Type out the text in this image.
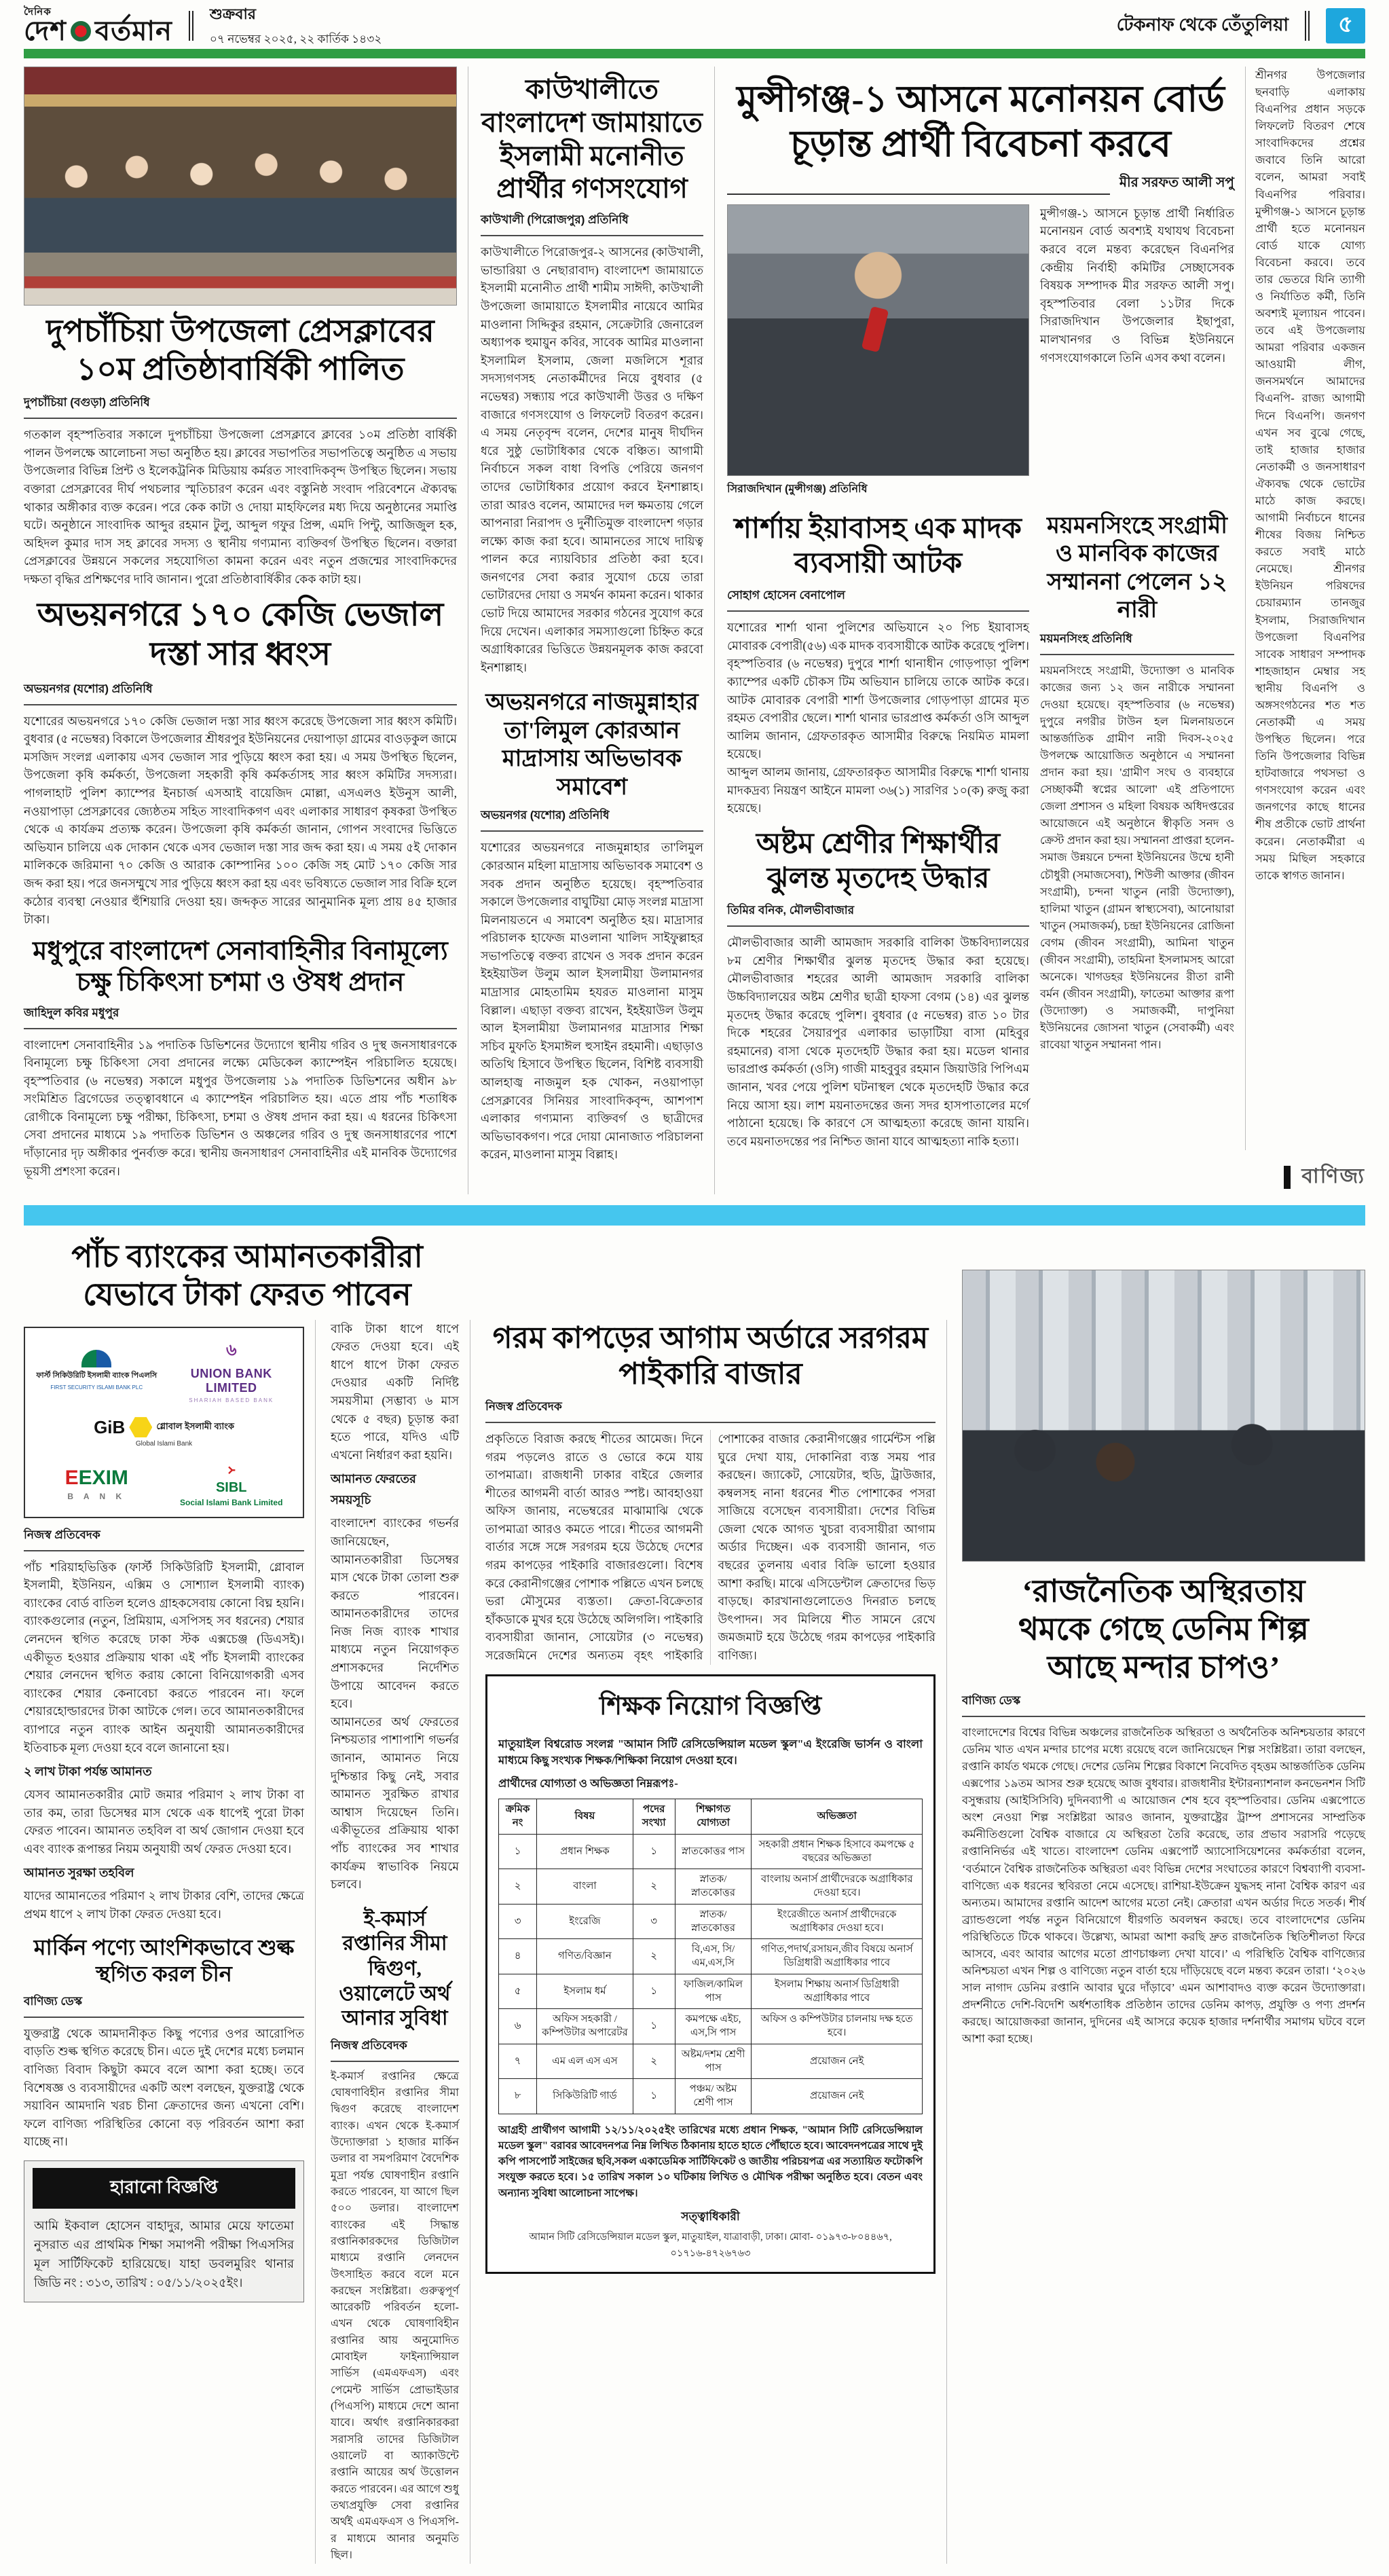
দৈনিক
দেশ বর্তমান
শুক্রবার
০৭ নভেম্বর ২০২৫, ২২ কার্তিক ১৪৩২
টেকনাফ থেকে তেঁতুলিয়া	৫
দুপচাঁচিয়া উপজেলা প্রেসক্লাবের ১০ম প্রতিষ্ঠাবার্ষিকী পালিত
দুপচাঁচিয়া (বগুড়া) প্রতিনিধি

গতকাল বৃহস্পতিবার সকালে দুপচাঁচিয়া উপজেলা প্রেসক্লাবে ক্লাবের ১০ম প্রতিষ্ঠা বার্ষিকী পালন উপলক্ষে আলোচনা সভা অনুষ্ঠিত হয়। ক্লাবের সভাপতির সভাপতিত্বে অনুষ্ঠিত এ সভায় উপজেলার বিভিন্ন প্রিন্ট ও ইলেকট্রনিক মিডিয়ায় কর্মরত সাংবাদিকবৃন্দ উপস্থিত ছিলেন। সভায় বক্তারা প্রেসক্লাবের দীর্ঘ পথচলার স্মৃতিচারণ করেন এবং বস্তুনিষ্ঠ সংবাদ পরিবেশনে ঐক্যবদ্ধ থাকার অঙ্গীকার ব্যক্ত করেন। পরে কেক কাটা ও দোয়া মাহফিলের মধ্য দিয়ে অনুষ্ঠানের সমাপ্তি ঘটে। অনুষ্ঠানে সাংবাদিক আব্দুর রহমান টুলু, আব্দুল গফুর প্রিন্স, এমদি পিন্টু, আজিজুল হক, অহিদল কুমার দাস সহ ক্লাবের সদস্য ও স্থানীয় গণ্যমান্য ব্যক্তিবর্গ উপস্থিত ছিলেন। বক্তারা প্রেসক্লাবের উন্নয়নে সকলের সহযোগিতা কামনা করেন এবং নতুন প্রজন্মের সাংবাদিকদের দক্ষতা বৃদ্ধির প্রশিক্ষণের দাবি জানান। পুরো প্রতিষ্ঠাবার্ষিকীর কেক কাটা হয়।

অভয়নগরে ১৭০ কেজি ভেজাল দস্তা সার ধ্বংস
অভয়নগর (যশোর) প্রতিনিধি

যশোরের অভয়নগরে ১৭০ কেজি ভেজাল দস্তা সার ধ্বংস করেছে উপজেলা সার ধ্বংস কমিটি। বুধবার (৫ নভেম্বর) বিকালে উপজেলার শ্রীধরপুর ইউনিয়নের দেয়াপাড়া গ্রামের বাওড়কুল জামে মসজিদ সংলগ্ন এলাকায় এসব ভেজাল সার পুড়িয়ে ধ্বংস করা হয়। এ সময় উপস্থিত ছিলেন, উপজেলা কৃষি কর্মকর্তা, উপজেলা সহকারী কৃষি কর্মকর্তাসহ সার ধ্বংস কমিটির সদস্যরা। পাগলাহাট পুলিশ ক্যাম্পের ইনচার্জ এসআই বায়েজিদ মোল্লা, এসএলও ইউনুস আলী, নওয়াপাড়া প্রেসক্লাবের জ্যেষ্ঠতম সহিত সাংবাদিকগণ এবং এলাকার সাধারণ কৃষকরা উপস্থিত থেকে এ কার্যক্রম প্রত্যক্ষ করেন। উপজেলা কৃষি কর্মকর্তা জানান, গোপন সংবাদের ভিত্তিতে অভিযান চালিয়ে এক দোকান থেকে এসব ভেজাল দস্তা সার জব্দ করা হয়। এ সময় ৫ই দোকান মালিককে জরিমানা ৭০ কেজি ও আরাক কোম্পানির ১০০ কেজি সহ মোট ১৭০ কেজি সার জব্দ করা হয়। পরে জনসম্মুখে সার পুড়িয়ে ধ্বংস করা হয় এবং ভবিষ্যতে ভেজাল সার বিক্রি হলে কঠোর ব্যবস্থা নেওয়ার হুঁশিয়ারি দেওয়া হয়। জব্দকৃত সারের আনুমানিক মূল্য প্রায় ৪৫ হাজার টাকা।

মধুপুরে বাংলাদেশ সেনাবাহিনীর বিনামূল্যে চক্ষু চিকিৎসা চশমা ও ঔষধ প্রদান
জাহিদুল কবির মধুপুর

বাংলাদেশ সেনাবাহিনীর ১৯ পদাতিক ডিভিশনের উদ্যোগে স্থানীয় গরিব ও দুস্থ জনসাধারণকে বিনামূল্যে চক্ষু চিকিৎসা সেবা প্রদানের লক্ষ্যে মেডিকেল ক্যাম্পেইন পরিচালিত হয়েছে। বৃহস্পতিবার (৬ নভেম্বর) সকালে মধুপুর উপজেলায় ১৯ পদাতিক ডিভিশনের অধীন ৯৮ সংমিশ্রিত ব্রিগেডের তত্ত্বাবধানে এ ক্যাম্পেইন পরিচালিত হয়। এতে প্রায় পাঁচ শতাধিক রোগীকে বিনামূল্যে চক্ষু পরীক্ষা, চিকিৎসা, চশমা ও ঔষধ প্রদান করা হয়। এ ধরনের চিকিৎসা সেবা প্রদানের মাধ্যমে ১৯ পদাতিক ডিভিশন ও অঞ্চলের গরিব ও দুস্থ জনসাধারণের পাশে দাঁড়ানোর দৃঢ় অঙ্গীকার পুনর্ব্যক্ত করে। স্থানীয় জনসাধারণ সেনাবাহিনীর এই মানবিক উদ্যোগের ভূয়সী প্রশংসা করেন।

কাউখালীতে বাংলাদেশ জামায়াতে ইসলামী মনোনীত প্রার্থীর গণসংযোগ
কাউখালী (পিরোজপুর) প্রতিনিধি

কাউখালীতে পিরোজপুর-২ আসনের (কাউখালী, ভান্ডারিয়া ও নেছারাবাদ) বাংলাদেশ জামায়াতে ইসলামী মনোনীত প্রার্থী শামীম সাঈদী, কাউখালী উপজেলা জামায়াতে ইসলামীর নায়েবে আমির মাওলানা সিদ্দিকুর রহমান, সেক্রেটারি জেনারেল অধ্যাপক হুমায়ুন কবির, সাবেক আমির মাওলানা ইসলামিল ইসলাম, জেলা মজলিসে শূরার সদস্যগণসহ নেতাকর্মীদের নিয়ে বুধবার (৫ নভেম্বর) সন্ধ্যায় পরে কাউখালী উত্তর ও দক্ষিণ বাজারে গণসংযোগ ও লিফলেট বিতরণ করেন। এ সময় নেতৃবৃন্দ বলেন, দেশের মানুষ দীর্ঘদিন ধরে সুষ্ঠু ভোটাধিকার থেকে বঞ্চিত। আগামী নির্বাচনে সকল বাধা বিপত্তি পেরিয়ে জনগণ তাদের ভোটাধিকার প্রয়োগ করবে ইনশাল্লাহ। তারা আরও বলেন, আমাদের দল ক্ষমতায় গেলে আপনারা নিরাপদ ও দুর্নীতিমুক্ত বাংলাদেশ গড়ার লক্ষ্যে কাজ করা হবে। আমানতের সাথে দায়িত্ব পালন করে ন্যায়বিচার প্রতিষ্ঠা করা হবে। জনগণের সেবা করার সুযোগ চেয়ে তারা ভোটারদের দোয়া ও সমর্থন কামনা করেন। থাকার ভোট দিয়ে আমাদের সরকার গঠনের সুযোগ করে দিয়ে দেখেন। এলাকার সমস্যাগুলো চিহ্নিত করে অগ্রাধিকারের ভিত্তিতে উন্নয়নমূলক কাজ করবো ইনশাল্লাহ।

অভয়নগরে নাজমুন্নাহার তা'লিমুল কোরআন মাদ্রাসায় অভিভাবক সমাবেশ
অভয়নগর (যশোর) প্রতিনিধি

যশোরের অভয়নগরে নাজমুন্নাহার তা'লিমুল কোরআন মহিলা মাদ্রাসায় অভিভাবক সমাবেশ ও সবক প্রদান অনুষ্ঠিত হয়েছে। বৃহস্পতিবার সকালে উপজেলার বাঘুটিয়া মোড় সংলগ্ন মাদ্রাসা মিলনায়তনে এ সমাবেশ অনুষ্ঠিত হয়। মাদ্রাসার পরিচালক হাফেজ মাওলানা খালিদ সাইফুল্লাহর সভাপতিত্বে বক্তব্য রাখেন ও সবক প্রদান করেন ইহইয়াউল উলুম আল ইসলামীয়া উলামানগর মাদ্রাসার মোহতামিম হযরত মাওলানা মাসুম বিল্লাল। এছাড়া বক্তব্য রাখেন, ইহইয়াউল উলুম আল ইসলামীয়া উলামানগর মাদ্রাসার শিক্ষা সচিব মুফতি ইসমাঈল হুসাইন রহমানী। এছাড়াও অতিথি হিসাবে উপস্থিত ছিলেন, বিশিষ্ট ব্যবসায়ী আলহাজ্ব নাজমুল হক খোকন, নওয়াপাড়া প্রেসক্লাবের সিনিয়র সাংবাদিকবৃন্দ, আশপাশ এলাকার গণ্যমান্য ব্যক্তিবর্গ ও ছাত্রীদের অভিভাবকগণ। পরে দোয়া মোনাজাত পরিচালনা করেন, মাওলানা মাসুম বিল্লাহ।

মুন্সীগঞ্জ-১ আসনে মনোনয়ন বোর্ড চূড়ান্ত প্রার্থী বিবেচনা করবে
মীর সরফত আলী সপু
শ্রীনগর উপজেলার ছনবাড়ি এলাকায় বিএনপির প্রধান সড়কে লিফলেট বিতরণ শেষে সাংবাদিকদের প্রশ্নের জবাবে তিনি আরো বলেন, আমরা সবাই বিএনপির পরিবার। মুন্সীগঞ্জ-১ আসনে চূড়ান্ত প্রার্থী হতে মনোনয়ন বোর্ড যাকে যোগ্য বিবেচনা করবে। তবে তার ভেতরে যিনি ত্যাগী ও নির্যাতিত কর্মী, তিনি অবশ্যই মূল্যায়ন পাবেন। তবে এই উপজেলায় আমরা পরিবার একজন আওয়ামী লীগ, জনসমর্থনে আমাদের বিএনপি- রাজ্য আগামী দিনে বিএনপি। জনগণ এখন সব বুঝে গেছে, তাই হাজার হাজার নেতাকর্মী ও জনসাধারণ ঐক্যবদ্ধ থেকে ভোটের মাঠে কাজ করছে। আগামী নির্বাচনে ধানের শীষের বিজয় নিশ্চিত করতে সবাই মাঠে নেমেছে।	শ্রীনগর ইউনিয়ন পরিষদের চেয়ারম্যান তানজুর ইসলাম, সিরাজদিখান উপজেলা বিএনপির সাবেক সাধারণ সম্পাদক শাহজাহান মেম্বার সহ স্থানীয় বিএনপি ও অঙ্গসংগঠনের শত শত নেতাকর্মী এ সময় উপস্থিত ছিলেন। পরে তিনি উপজেলার বিভিন্ন হাটবাজারে পথসভা ও গণসংযোগ করেন এবং জনগণের কাছে ধানের শীষ প্রতীকে ভোট প্রার্থনা করেন। নেতাকর্মীরা এ সময় মিছিল সহকারে তাকে স্বাগত জানান।
সিরাজদিখান (মুন্সীগঞ্জ) প্রতিনিধি
মুন্সীগঞ্জ-১ আসনে চূড়ান্ত প্রার্থী নির্ধারিত মনোনয়ন বোর্ড অবশ্যই যথাযথ বিবেচনা করবে বলে মন্তব্য করেছেন বিএনপির কেন্দ্রীয় নির্বাহী কমিটির সেচ্ছাসেবক বিষয়ক সম্পাদক মীর সরফত আলী সপু। বৃহস্পতিবার বেলা ১১টার দিকে সিরাজদিখান উপজেলার ইছাপুরা, মালখানগর ও বিভিন্ন ইউনিয়নে গণসংযোগকালে তিনি এসব কথা বলেন।
শার্শায় ইয়াবাসহ এক মাদক ব্যবসায়ী আটক
সোহাগ হোসেন বেনাপোল

যশোরের শার্শা থানা পুলিশের অভিযানে ২০ পিচ ইয়াবাসহ মোবারক বেপারী(৫৬) এক মাদক ব্যবসায়ীকে আটক করেছে পুলিশ। বৃহস্পতিবার (৬ নভেম্বর) দুপুরে শার্শা থানাধীন গোড়পাড়া পুলিশ ক্যাম্পের একটি চৌকস টিম অভিযান চালিয়ে তাকে আটক করে। আটক মোবারক বেপারী শার্শা উপজেলার গোড়পাড়া গ্রামের মৃত রহমত বেপারীর ছেলে। শার্শা থানার ভারপ্রাপ্ত কর্মকর্তা ওসি আব্দুল আলিম জানান, গ্রেফতারকৃত আসামীর বিরুদ্ধে নিয়মিত মামলা হয়েছে।

আব্দুল আলম জানায়, গ্রেফতারকৃত আসামীর বিরুদ্ধে শার্শা থানায় মাদকদ্রব্য নিয়ন্ত্রণ আইনে মামলা ৩৬(১) সারণির ১০(ক) রুজু করা হয়েছে।

অষ্টম শ্রেণীর শিক্ষার্থীর ঝুলন্ত মৃতদেহ উদ্ধার
তিমির বনিক, মৌলভীবাজার

মৌলভীবাজার আলী আমজাদ সরকারি বালিকা উচ্চবিদ্যালয়ের ৮ম শ্রেণীর শিক্ষার্থীর ঝুলন্ত মৃতদেহ উদ্ধার করা হয়েছে। মৌলভীবাজার শহরের আলী আমজাদ সরকারি বালিকা উচ্চবিদ্যালয়ের অষ্টম শ্রেণীর ছাত্রী হাফসা বেগম (১৪) এর ঝুলন্ত মৃতদেহ উদ্ধার করেছে পুলিশ। বুধবার (৫ নভেম্বর) রাত ১০ টার দিকে শহরের সৈয়ারপুর এলাকার ভাড়াটিয়া বাসা (মহিবুর রহমানের) বাসা থেকে মৃতদেহটি উদ্ধার করা হয়। মডেল থানার ভারপ্রাপ্ত কর্মকর্তা (ওসি) গাজী মাহবুবুর রহমান জিয়াউরি পিপিএম জানান, খবর পেয়ে পুলিশ ঘটনাস্থল থেকে মৃতদেহটি উদ্ধার করে নিয়ে আসা হয়। লাশ ময়নাতদন্তের জন্য সদর হাসপাতালের মর্গে পাঠানো হয়েছে। কি কারণে সে আত্মহত্যা করেছে জানা যায়নি। তবে ময়নাতদন্তের পর নিশ্চিত জানা যাবে আত্মহত্যা নাকি হত্যা।

ময়মনসিংহে সংগ্রামী ও মানবিক কাজের সম্মাননা পেলেন ১২ নারী
ময়মনসিংহ প্রতিনিধি

ময়মনসিংহে সংগ্রামী, উদ্যোক্তা ও মানবিক কাজের জন্য ১২ জন নারীকে সম্মাননা দেওয়া হয়েছে। বৃহস্পতিবার (৬ নভেম্বর) দুপুরে নগরীর টাউন হল মিলনায়তনে আন্তর্জাতিক গ্রামীণ নারী দিবস-২০২৫ উপলক্ষে আয়োজিত অনুষ্ঠানে এ সম্মাননা প্রদান করা হয়। 'গ্রামীণ সংঘ ও ব্যবহারে সেচ্ছাকর্মী স্বপ্নের আলো' এই প্রতিপাদ্যে জেলা প্রশাসন ও মহিলা বিষয়ক অধিদপ্তরের আয়োজনে এই অনুষ্ঠানে স্বীকৃতি সনদ ও ক্রেস্ট প্রদান করা হয়। সম্মাননা প্রাপ্তরা হলেন- সমাজ উন্নয়নে চন্দনা ইউনিয়নের উম্মে হানী চৌধুরী (সমাজসেবা), শিউলী আক্তার (জীবন সংগ্রামী), চন্দনা খাতুন (নারী উদ্যোক্তা), হালিমা খাতুন (গ্রামন স্বাস্থ্যসেবা), আনোয়ারা খাতুন (সমাজকর্ম), চন্দ্রা ইউনিয়নের রোজিনা বেগম (জীবন সংগ্রামী), আমিনা খাতুন (জীবন সংগ্রামী), তাহমিনা ইসলামসহ আরো অনেকে। খাগডহর ইউনিয়নের রীতা রানী বর্মন (জীবন সংগ্রামী), ফাতেমা আক্তার রূপা (উদ্যোক্তা) ও সমাজকর্মী, দাপুনিয়া ইউনিয়নের জোসনা খাতুন (সেবাকর্মী) এবং রাবেয়া খাতুন সম্মাননা পান।

বাণিজ্য
পাঁচ ব্যাংকের আমানতকারীরা যেভাবে টাকা ফেরত পাবেন
ফার্স্ট সিকিউরিটি ইসলামী ব্যাংক পিএলসি
FIRST SECURITY ISLAMI BANK PLC
৬
UNION BANK LIMITED
SHARIAH BASED BANK
GiB	গ্লোবাল ইসলামী ব্যাংক
Global Islami Bank
EEXIM
B A N K
᚛
SIBL
Social Islami Bank Limited
নিজস্ব প্রতিবেদক

পাঁচ শরিয়াহভিত্তিক (ফার্স্ট সিকিউরিটি ইসলামী, গ্লোবাল ইসলামী, ইউনিয়ন, এক্সিম ও সোশ্যাল ইসলামী ব্যাংক) ব্যাংকের বোর্ড বাতিল হলেও গ্রাহকসেবায় কোনো বিঘ্ন হয়নি। ব্যাংকগুলোর (নতুন, প্রিমিয়াম, এসপিসহ সব ধরনের) শেয়ার লেনদেন স্থগিত করেছে ঢাকা স্টক এক্সচেঞ্জ (ডিএসই)। একীভূত হওয়ার প্রক্রিয়ায় থাকা এই পাঁচ ইসলামী ব্যাংকের শেয়ার লেনদেন স্থগিত করায় কোনো বিনিয়োগকারী এসব ব্যাংকের শেয়ার কেনাবেচা করতে পারবেন না। ফলে শেয়ারহোল্ডারদের টাকা আটকে গেল। তবে আমানতকারীদের ব্যাপারে নতুন ব্যাংক আইন অনুযায়ী আমানতকারীদের ইতিবাচক মূল্য দেওয়া হবে বলে জানানো হয়।

২ লাখ টাকা পর্যন্ত আমানত

যেসব আমানতকারীর মোট জমার পরিমাণ ২ লাখ টাকা বা তার কম, তারা ডিসেম্বর মাস থেকে এক ধাপেই পুরো টাকা ফেরত পাবেন। আমানত তহবিল বা অর্থ জোগান দেওয়া হবে এবং ব্যাংক রূপান্তর নিয়ম অনুযায়ী অর্থ ফেরত দেওয়া হবে।

আমানত সুরক্ষা তহবিল

যাদের আমানতের পরিমাণ ২ লাখ টাকার বেশি, তাদের ক্ষেত্রে প্রথম ধাপে ২ লাখ টাকা ফেরত দেওয়া হবে।

মার্কিন পণ্যে আংশিকভাবে শুল্ক স্থগিত করল চীন
বাণিজ্য ডেস্ক

যুক্তরাষ্ট্র থেকে আমদানীকৃত কিছু পণ্যের ওপর আরোপিত বাড়তি শুল্ক স্থগিত করেছে চীন। এতে দুই দেশের মধ্যে চলমান বাণিজ্য বিবাদ কিছুটা কমবে বলে আশা করা হচ্ছে। তবে বিশেষজ্ঞ ও ব্যবসায়ীদের একটি অংশ বলছেন, যুক্তরাষ্ট্র থেকে সয়াবিন আমদানি খরচ চীনা ক্রেতাদের জন্য এখনো বেশি। ফলে বাণিজ্য পরিস্থিতির কোনো বড় পরিবর্তন আশা করা যাচ্ছে না।

হারানো বিজ্ঞপ্তি
আমি ইকবাল হোসেন বাহাদুর, আমার মেয়ে ফাতেমা নুসরাত এর প্রাথমিক শিক্ষা সমাপনী পরীক্ষা পিএসসির মূল সার্টিফিকেট হারিয়েছে। যাহা ডবলমুরিং থানার জিডি নং : ৩১৩, তারিখ : ০৫/১১/২০২৫ইং।

বাকি টাকা ধাপে ধাপে ফেরত দেওয়া হবে। এই ধাপে ধাপে টাকা ফেরত দেওয়ার একটি নির্দিষ্ট সময়সীমা (সম্ভাব্য ৬ মাস থেকে ৫ বছর) চূড়ান্ত করা হতে পারে, যদিও এটি এখনো নির্ধারণ করা হয়নি।

আমানত ফেরতের সময়সূচি

বাংলাদেশ ব্যাংকের গভর্নর জানিয়েছেন, আমানতকারীরা ডিসেম্বর মাস থেকে টাকা তোলা শুরু করতে পারবেন। আমানতকারীদের তাদের নিজ নিজ ব্যাংক শাখার মাধ্যমে নতুন নিয়োগকৃত প্রশাসকদের নির্দেশিত উপায়ে আবেদন করতে হবে।

আমানতের অর্থ ফেরতের নিশ্চয়তার পাশাপাশি গভর্নর জানান, আমানত নিয়ে দুশ্চিন্তার কিছু নেই, সবার আমানত সুরক্ষিত রাখার আশ্বাস দিয়েছেন তিনি। একীভূতের প্রক্রিয়ায় থাকা পাঁচ ব্যাংকের সব শাখার কার্যক্রম স্বাভাবিক নিয়মে চলবে।

ই-কমার্স রপ্তানির সীমা দ্বিগুণ, ওয়ালেটে অর্থ আনার সুবিধা
নিজস্ব প্রতিবেদক

ই-কমার্স রপ্তানির ক্ষেত্রে ঘোষণাবিহীন রপ্তানির সীমা দ্বিগুণ করেছে বাংলাদেশ ব্যাংক। এখন থেকে ই-কমার্স উদ্যোক্তারা ১ হাজার মার্কিন ডলার বা সমপরিমাণ বৈদেশিক মুদ্রা পর্যন্ত ঘোষণাহীন রপ্তানি করতে পারবেন, যা আগে ছিল ৫০০ ডলার। বাংলাদেশ ব্যাংকের এই সিদ্ধান্ত রপ্তানিকারকদের ডিজিটাল মাধ্যমে রপ্তানি লেনদেন উৎসাহিত করবে বলে মনে করছেন সংশ্লিষ্টরা। গুরুত্বপূর্ণ আরেকটি পরিবর্তন হলো- এখন থেকে ঘোষণাবিহীন রপ্তানির আয় অনুমোদিত মোবাইল ফাইন্যান্সিয়াল সার্ভিস (এমএফএস) এবং পেমেন্ট সার্ভিস প্রোভাইডার (পিএসপি) মাধ্যমে দেশে আনা যাবে। অর্থাৎ রপ্তানিকারকরা সরাসরি তাদের ডিজিটাল ওয়ালেট বা অ্যাকাউন্টে রপ্তানি আয়ের অর্থ উত্তোলন করতে পারবেন। এর আগে শুধু তথ্যপ্রযুক্তি সেবা রপ্তানির অর্থই এমএফএস ও পিএসপি-র মাধ্যমে আনার অনুমতি ছিল।

গরম কাপড়ের আগাম অর্ডারে সরগরম পাইকারি বাজার
নিজস্ব প্রতিবেদক

প্রকৃতিতে বিরাজ করছে শীতের আমেজ। দিনে গরম পড়লেও রাতে ও ভোরে কমে যায় তাপমাত্রা। রাজধানী ঢাকার বাইরে জেলার শীতের আগমনী বার্তা আরও স্পষ্ট। আবহাওয়া অফিস জানায়, নভেম্বরের মাঝামাঝি থেকে তাপমাত্রা আরও কমতে পারে। শীতের আগমনী বার্তার সঙ্গে সঙ্গে সরগরম হয়ে উঠেছে দেশের গরম কাপড়ের পাইকারি বাজারগুলো। বিশেষ করে কেরানীগঞ্জের পোশাক পল্লিতে এখন চলছে ভরা মৌসুমের ব্যস্ততা। ক্রেতা-বিক্রেতার হাঁকডাকে মুখর হয়ে উঠেছে অলিগলি। পাইকারি ব্যবসায়ীরা জানান, সোয়েটার (৩ নভেম্বর) সরেজমিনে দেশের অন্যতম বৃহৎ পাইকারি পোশাকের বাজার কেরানীগঞ্জের গার্মেন্টস পল্লি ঘুরে দেখা যায়, দোকানিরা ব্যস্ত সময় পার করছেন। জ্যাকেট, সোয়েটার, হুডি, ট্রাউজার, কম্বলসহ নানা ধরনের শীত পোশাকের পসরা সাজিয়ে বসেছেন ব্যবসায়ীরা। দেশের বিভিন্ন জেলা থেকে আগত খুচরা ব্যবসায়ীরা আগাম অর্ডার দিচ্ছেন। এক ব্যবসায়ী জানান, গত বছরের তুলনায় এবার বিক্রি ভালো হওয়ার আশা করছি। মাঝে এসিডেন্টাল ক্রেতাদের ভিড় বাড়ছে। কারখানাগুলোতেও দিনরাত চলছে উৎপাদন। সব মিলিয়ে শীত সামনে রেখে জমজমাট হয়ে উঠেছে গরম কাপড়ের পাইকারি বাণিজ্য।

শিক্ষক নিয়োগ বিজ্ঞপ্তি

মাতুয়াইল বিশ্বরোড সংলগ্ন "আমান সিটি রেসিডেন্সিয়াল মডেল স্কুল"এ ইংরেজি ভার্সন ও বাংলা মাধ্যমে কিছু সংখ্যক শিক্ষক/শিক্ষিকা নিয়োগ দেওয়া হবে।

প্রার্থীদের যোগ্যতা ও অভিজ্ঞতা নিম্নরূপঃ-
ক্রমিক নং	বিষয়	পদের সংখ্যা	শিক্ষাগত যোগ্যতা	অভিজ্ঞতা
১	প্রধান শিক্ষক	১	স্নাতকোত্তর পাস	সহকারী প্রধান শিক্ষক হিসাবে কমপক্ষে ৫ বছরের অভিজ্ঞতা
২	বাংলা	২	স্নাতক/স্নাতকোত্তর	বাংলায় অনার্স প্রার্থীদেরকে অগ্রাধিকার দেওয়া হবে।
৩	ইংরেজি	৩	স্নাতক/স্নাতকোত্তর	ইংরেজীতে অনার্স প্রার্থীদেরকে অগ্রাধিকার দেওয়া হবে।
৪	গণিত/বিজ্ঞান	২	বি,এস, সি/ এম,এস,সি	গণিত,পদার্থ,রসায়ন,জীব বিষয়ে অনার্স ডিগ্রিধারী অগ্রাধিকার পাবে
৫	ইসলাম ধর্ম	১	ফাজিল/কামিল পাস	ইসলাম শিক্ষায় অনার্স ডিগ্রিধারী অগ্রাধিকার পাবে
৬	অফিস সহকারী / কম্পিউটার অপারেটর	১	কমপক্ষে এইচ, এস,সি পাস	অফিস ও কম্পিউটার চালনায় দক্ষ হতে হবে।
৭	এম এল এস এস	২	অষ্টম/দশম শ্রেণী পাস	প্রয়োজন নেই
৮	সিকিউরিটি গার্ড	১	পঞ্চম/ অষ্টম শ্রেণী পাস	প্রয়োজন নেই

আগ্রহী প্রার্থীগণ আগামী ১২/১১/২০২৫ইং তারিখের মধ্যে প্রধান শিক্ষক, "আমান সিটি রেসিডেন্সিয়াল মডেল স্কুল" বরাবর আবেদনপত্র নিম্ন লিখিত ঠিকানায় হাতে হাতে পৌঁছাতে হবে। আবেদনপত্রের সাথে দুই কপি পাসপোর্ট সাইজের ছবি,সকল একাডেমিক সার্টিফিকেট ও জাতীয় পরিচয়পত্র এর সত্যায়িত ফটোকপি সংযুক্ত করতে হবে। ১৫ তারিখ সকাল ১০ ঘটিকায় লিখিত ও মৌখিক পরীক্ষা অনুষ্ঠিত হবে। বেতন এবং অন্যান্য সুবিধা আলোচনা সাপেক্ষ।

সত্ত্বাধিকারী
আমান সিটি রেসিডেন্সিয়াল মডেল স্কুল, মাতুয়াইল, যাত্রাবাড়ী, ঢাকা। মোবা- ০১৯৭৩-৮০৪৪৬৭, ০১৭১৬-৪৭২৬৭৬৩
‘রাজনৈতিক অস্থিরতায়
থমকে গেছে ডেনিম শিল্প
আছে মন্দার চাপও’
বাণিজ্য ডেস্ক

বাংলাদেশের বিশ্বের বিভিন্ন অঞ্চলের রাজনৈতিক অস্থিরতা ও অর্থনৈতিক অনিশ্চয়তার কারণে ডেনিম খাত এখন মন্দার চাপের মধ্যে রয়েছে বলে জানিয়েছেন শিল্প সংশ্লিষ্টরা। তারা বলছেন, রপ্তানি কার্যত থমকে গেছে। দেশের ডেনিম শিল্পের বিকাশে নিবেদিত বৃহত্তম আন্তর্জাতিক ডেনিম এক্সপোর ১৯তম আসর শুরু হয়েছে আজ বুধবার। রাজধানীর ইন্টারন্যাশনাল কনভেনশন সিটি বসুন্ধরায় (আইসিসিবি) দুদিনব্যাপী এ আয়োজন শেষ হবে বৃহস্পতিবার। ডেনিম এক্সপোতে অংশ নেওয়া শিল্প সংশ্লিষ্টরা আরও জানান, যুক্তরাষ্ট্রের ট্রাম্প প্রশাসনের সাম্প্রতিক কর্মনীতিগুলো বৈশ্বিক বাজারে যে অস্থিরতা তৈরি করেছে, তার প্রভাব সরাসরি পড়েছে রপ্তানিনির্ভর এই খাতে। বাংলাদেশ ডেনিম এক্সপোর্ট অ্যাসোসিয়েশনের কর্মকর্তারা বলেন, ‘বর্তমানে বৈশ্বিক রাজনৈতিক অস্থিরতা এবং বিভিন্ন দেশের সংঘাতের কারণে বিশ্বব্যাপী ব্যবসা-বাণিজ্যে এক ধরনের স্থবিরতা নেমে এসেছে। রাশিয়া-ইউক্রেন যুদ্ধসহ নানা বৈশ্বিক কারণ এর অন্যতম। আমাদের রপ্তানি আদেশ আগের মতো নেই। ক্রেতারা এখন অর্ডার দিতে সতর্ক। শীর্ষ ব্র্যান্ডগুলো পর্যন্ত নতুন বিনিয়োগে ধীরগতি অবলম্বন করছে। তবে বাংলাদেশের ডেনিম পরিস্থিতিতে টিকে থাকবে। উল্লেখ্য, আমরা আশা করছি দ্রুত রাজনৈতিক স্থিতিশীলতা ফিরে আসবে, এবং আবার আগের মতো প্রাণচাঞ্চল্য দেখা যাবে।’ এ পরিস্থিতি বৈশ্বিক বাণিজ্যের অনিশ্চয়তা এখন শিল্প ও বাণিজ্যে নতুন বার্তা হয়ে দাঁড়িয়েছে বলে মন্তব্য করেন তারা। ‘২০২৬ সাল নাগাদ ডেনিম রপ্তানি আবার ঘুরে দাঁড়াবে’ এমন আশাবাদও ব্যক্ত করেন উদ্যোক্তারা। প্রদর্শনীতে দেশি-বিদেশি অর্ধশতাধিক প্রতিষ্ঠান তাদের ডেনিম কাপড়, প্রযুক্তি ও পণ্য প্রদর্শন করছে। আয়োজকরা জানান, দুদিনের এই আসরে কয়েক হাজার দর্শনার্থীর সমাগম ঘটবে বলে আশা করা হচ্ছে।
